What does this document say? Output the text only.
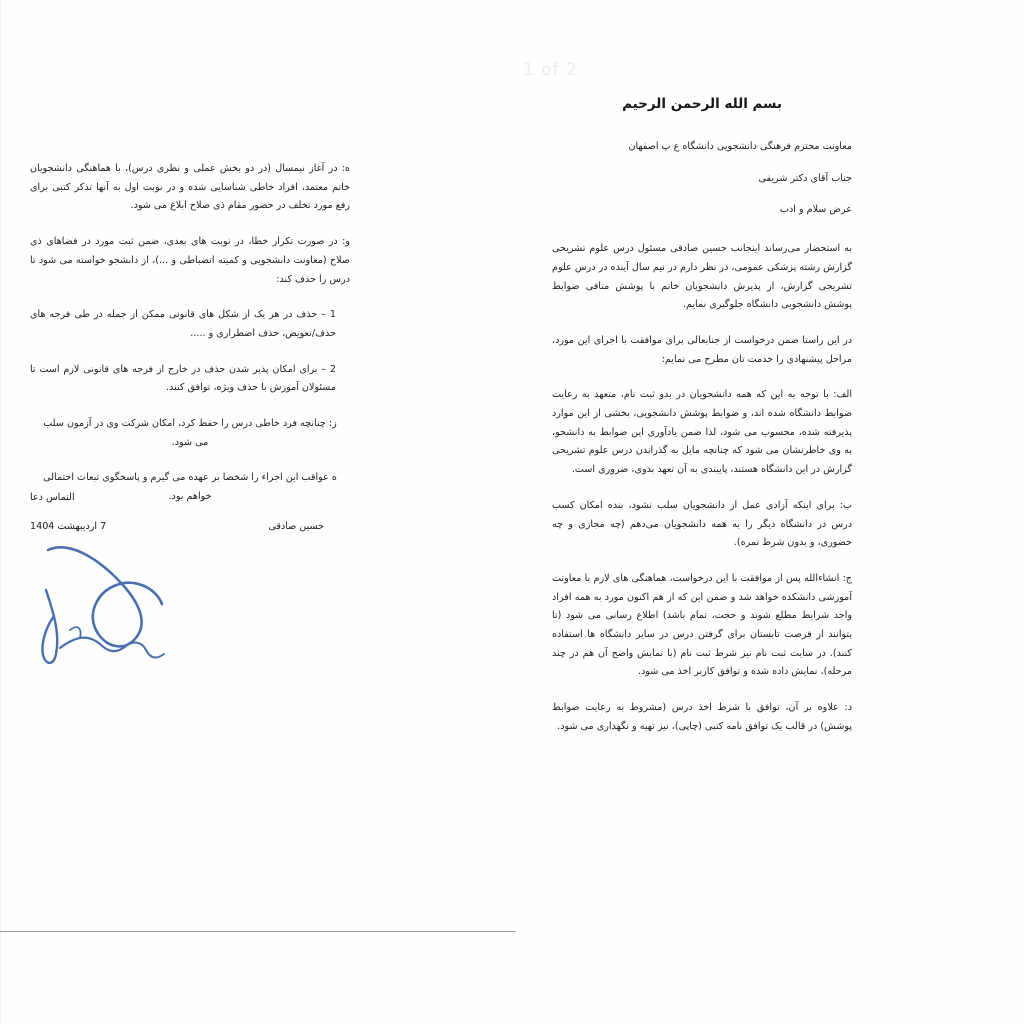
1 of 2
بسم الله الرحمن الرحیم

معاونت محترم فرهنگی دانشجویی دانشگاه ع پ اصفهان

جناب آقای دکتر شریفی

عرض سلام و ادب

به استحضار می‌رساند اینجانب حسین صادقی مسئول درس علوم تشریحی گزارش رشته پزشکی عمومی، در نظر دارم در نیم سال آینده در درس علوم تشریحی گزارش، از پذیرش دانشجویان خانم با پوشش منافی ضوابط پوشش دانشجویی دانشگاه جلوگیری نمایم.

در این راستا ضمن درخواست از جنابعالی برای موافقت با اجرای این مورد، مراحل پیشنهادی را خدمت تان مطرح می نمایم:

الف: با توجه به این که همه دانشجویان در بدو ثبت نام، متعهد به رعایت ضوابط دانشگاه شده اند، و ضوابط پوشش دانشجویی، بخشی از این موارد پذیرفته شده، محسوب می شود، لذا ضمن یادآوری این ضوابط به دانشجو، به وی خاطرنشان می شود که چنانچه مایل به گذراندن درس علوم تشریحی گزارش در این دانشگاه هستند، پایبندی به آن تعهد بدوی، ضروری است.

ب: برای اینکه آزادی عمل از دانشجویان سلب نشود، بنده امکان کسب درس در دانشگاه دیگر را به همه دانشجویان می‌دهم (چه مجازی و چه حضوری، و بدون شرط نمره).

ج: انشاءالله پس از موافقت با این درخواست، هماهنگی های لازم با معاونت آموزشی دانشکده خواهد شد و ضمن این که از هم اکنون مورد به همه افراد واجد شرایط مطلع شوند و حجت، تمام باشد) اطلاع رسانی می شود (تا بتوانند از فرصت تابستان برای گرفتن درس در سایر دانشگاه ها استفاده کنند). در سایت ثبت نام نیز شرط ثبت نام (با نمایش واضح آن هم در چند مرحله)، نمایش داده شده و توافق کاربر اخذ می شود.

د: علاوه بر آن، توافق با شرط اخذ درس (مشروط به رعایت ضوابط پوشش) در قالب یک توافق نامه کتبی (چاپی)، نیز تهیه و نگهداری می شود.

ه: در آغاز نیمسال (در دو بخش عملی و نظری درس)، با هماهنگی دانشجویان خانم معتمد، افراد خاطی شناسایی شده و در نوبت اول به آنها تذکر کتبی برای رفع مورد تخلف در حضور مقام ذی صلاح ابلاغ می شود.

و: در صورت تکرار خطا، در نوبت های بعدی، ضمن ثبت مورد در فضاهای ذی صلاح (معاونت دانشجویی و کمیته انضباطی و ...)، از دانشجو خواسته می شود تا درس را حذف کند:

1 – حذف در هر یک از شکل های قانونی ممکن از جمله در طی فرجه های حذف/تعویض، حذف اضطراری و .....

2 – برای امکان پذیر شدن حذف در خارج از فرجه های قانونی لازم است تا مسئولان آموزش با حذف ویژه، توافق کنند.

ز: چنانچه فرد خاطی درس را حفظ کرد، امکان شرکت وی در آزمون سلب می شود.

ه عواقب این اجراء را شخصا بر عهده می گیرم و پاسخگوی تبعات احتمالی خواهم بود.

التماس دعا
حسین صادقی
7 اردیبهشت 1404
